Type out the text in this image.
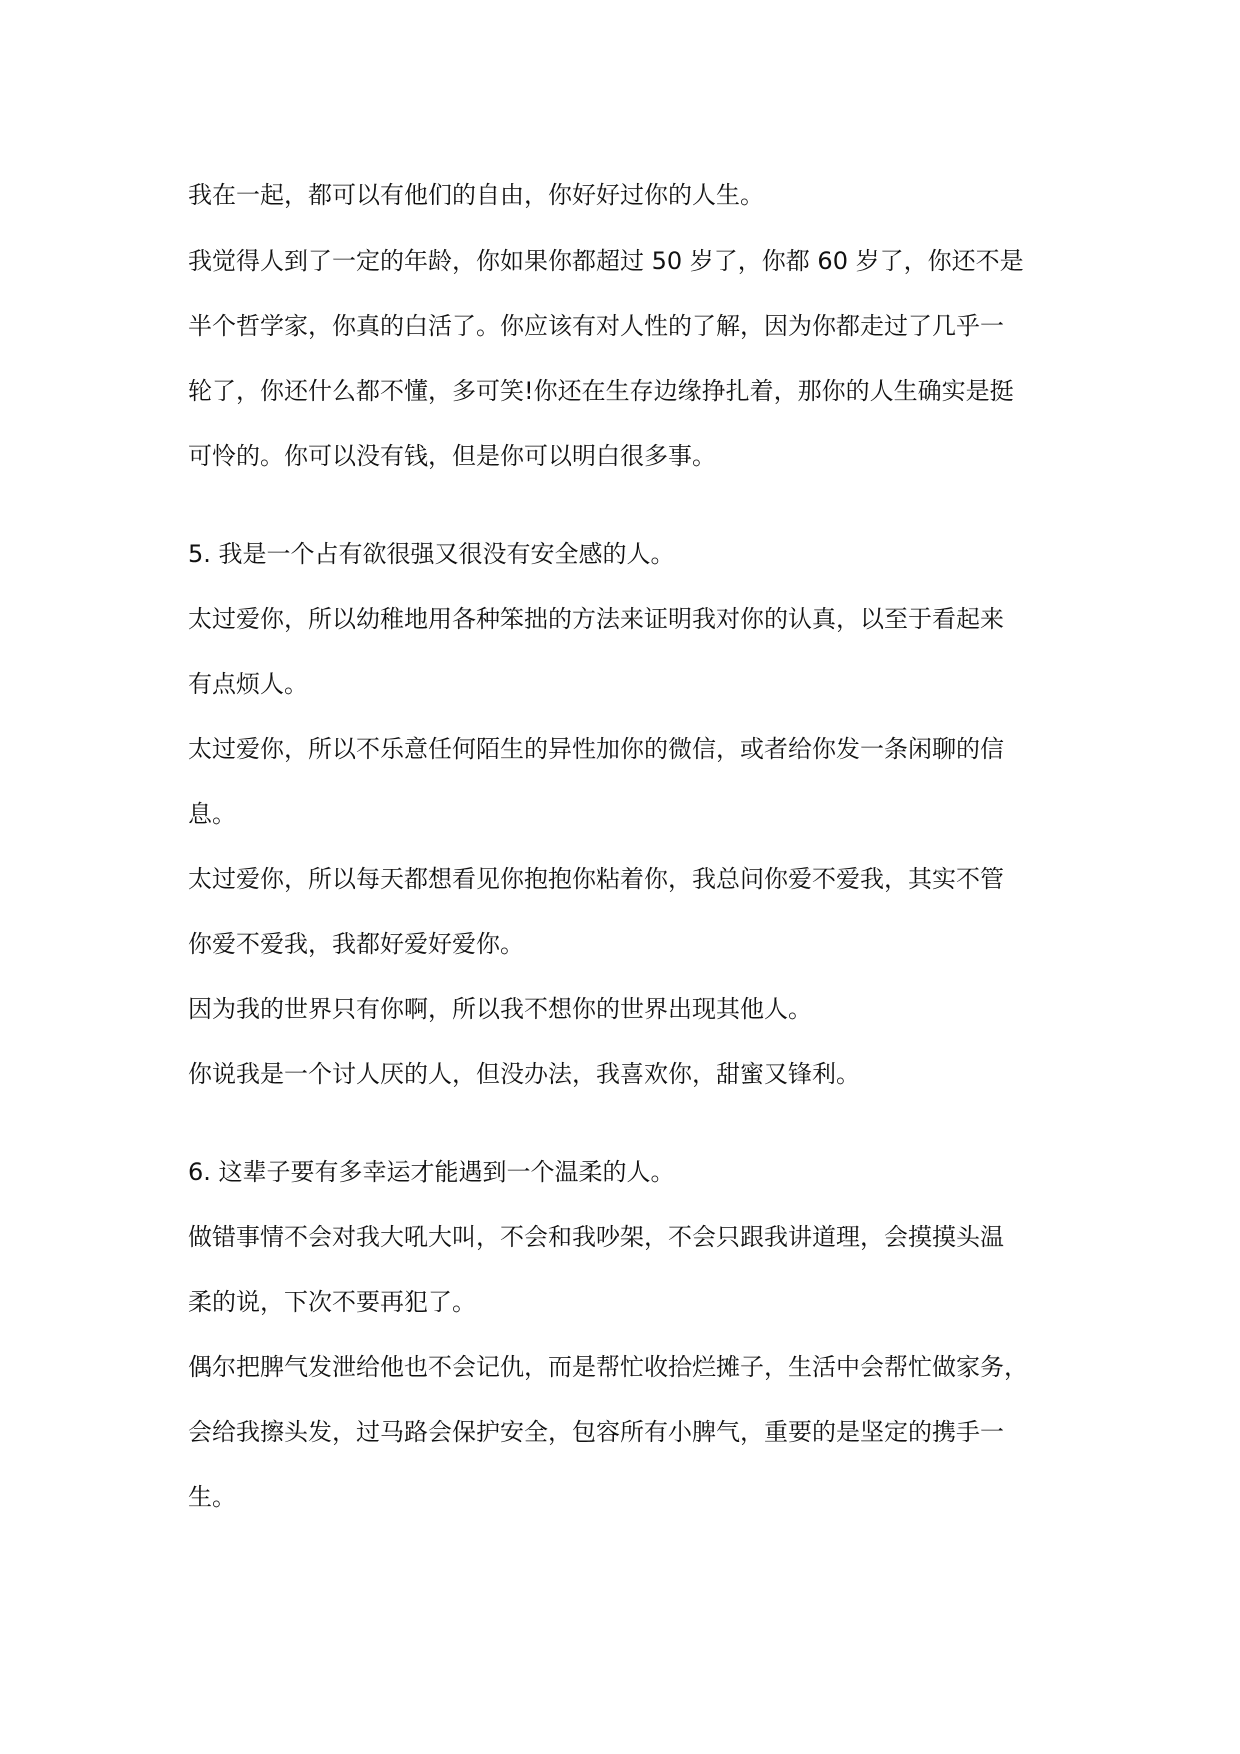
我在一起，都可以有他们的自由，你好好过你的人生。

我觉得人到了一定的年龄，你如果你都超过 50 岁了，你都 60 岁了，你还不是

半个哲学家，你真的白活了。你应该有对人性的了解，因为你都走过了几乎一

轮了，你还什么都不懂，多可笑!你还在生存边缘挣扎着，那你的人生确实是挺

可怜的。你可以没有钱，但是你可以明白很多事。

5. 我是一个占有欲很强又很没有安全感的人。

太过爱你，所以幼稚地用各种笨拙的方法来证明我对你的认真，以至于看起来

有点烦人。

太过爱你，所以不乐意任何陌生的异性加你的微信，或者给你发一条闲聊的信

息。

太过爱你，所以每天都想看见你抱抱你粘着你，我总问你爱不爱我，其实不管

你爱不爱我，我都好爱好爱你。

因为我的世界只有你啊，所以我不想你的世界出现其他人。

你说我是一个讨人厌的人，但没办法，我喜欢你，甜蜜又锋利。

6. 这辈子要有多幸运才能遇到一个温柔的人。

做错事情不会对我大吼大叫，不会和我吵架，不会只跟我讲道理，会摸摸头温

柔的说，下次不要再犯了。

偶尔把脾气发泄给他也不会记仇，而是帮忙收拾烂摊子，生活中会帮忙做家务，

会给我擦头发，过马路会保护安全，包容所有小脾气，重要的是坚定的携手一

生。
